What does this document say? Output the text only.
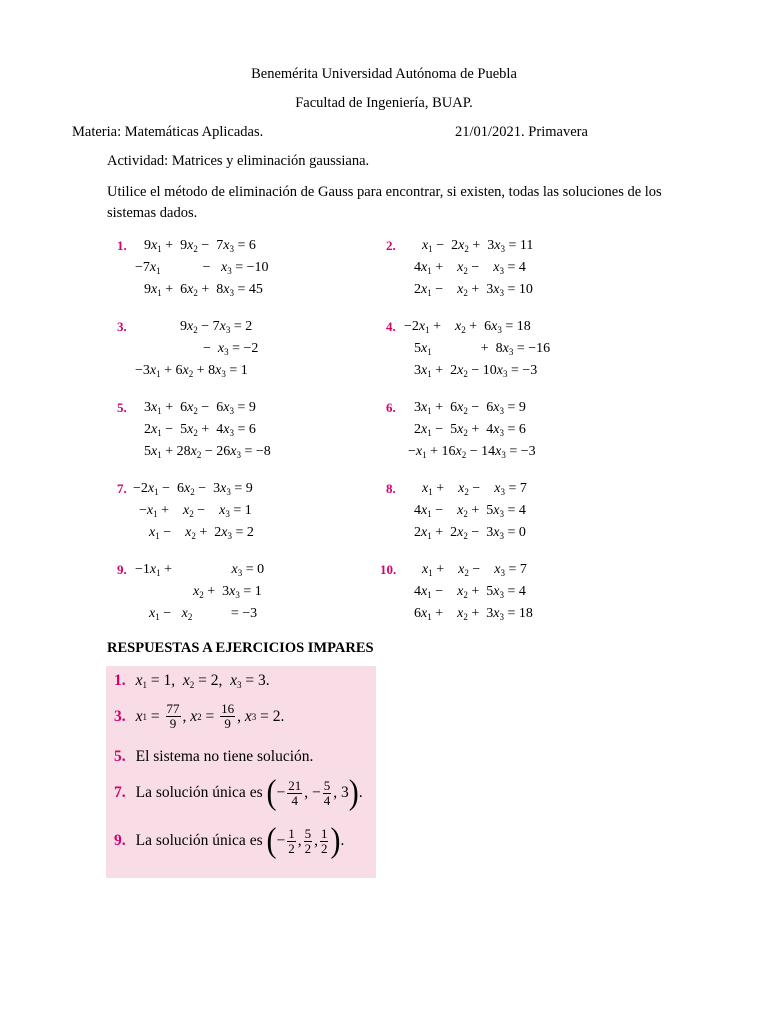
Benemérita Universidad Autónoma de Puebla
Facultad de Ingeniería, BUAP.
Materia: Matemáticas Aplicadas.	21/01/2021. Primavera
Actividad: Matrices y eliminación gaussiana.
Utilice el método de eliminación de Gauss para encontrar, si existen, todas las soluciones de los sistemas dados.
1. $9x_1 + 9x_2 - 7x_3 = 6$
$-7x_1$            −   $x_3 = -10$
$9x_1 + 6x_2 + 8x_3 = 45$
2. $x_1 - 2x_2 + 3x_3 = 11$
$4x_1$ +    $x_2$ −    $x_3 = 4$
$2x_1$ −    $x_2 + 3x_3 = 10$
3.	$9x_2 - 7x_3 = 2$
−  $x_3 = -2$
$-3x_1 + 6x_2 + 8x_3 = 1$
4. $-2x_1$ +    $x_2 + 6x_3 = 18$
$5x_1$              +  $8x_3 = -16$
$3x_1 + 2x_2 - 10x_3 = -3$
5. $3x_1 + 6x_2 - 6x_3 = 9$
$2x_1 - 5x_2 + 4x_3 = 6$
$5x_1 + 28x_2 - 26x_3 = -8$
6. $3x_1 + 6x_2 - 6x_3 = 9$
$2x_1 - 5x_2 + 4x_3 = 6$
$-x_1 + 16x_2 - 14x_3 = -3$
7. $-2x_1 - 6x_2 - 3x_3 = 9$
$-x_1$ +    $x_2$ −    $x_3 = 1$
$x_1$ −    $x_2 + 2x_3 = 2$
8. $x_1$ +    $x_2$ −    $x_3 = 7$
$4x_1$ −    $x_2 + 5x_3 = 4$
$2x_1 + 2x_2 - 3x_3 = 0$
9. $-1x_1$ +                 $x_3 = 0$
$x_2 + 3x_3 = 1$
$x_1 - x_2$           = −3
10. $x_1$ +    $x_2$ −    $x_3 = 7$
$4x_1$ −    $x_2 + 5x_3 = 4$
$6x_1$ +    $x_2 + 3x_3 = 18$
RESPUESTAS A EJERCICIOS IMPARES
1. $x_1 = 1$,  $x_2 = 2$,  $x_3 = 3$.
3. x $1 = \frac{77}{9}$ , x $2 = \frac{16}{9}$ , x 3 = 2.
5. El sistema no tiene solución.
7. La solución única es ( − $\frac{21}{4}$ , − $\frac{5}{4}$ , 3 ) .
9. La solución única es ( − $\frac{1}{2}$ , $\frac{5}{2}$ , $\frac{1}{2}$ ) .
